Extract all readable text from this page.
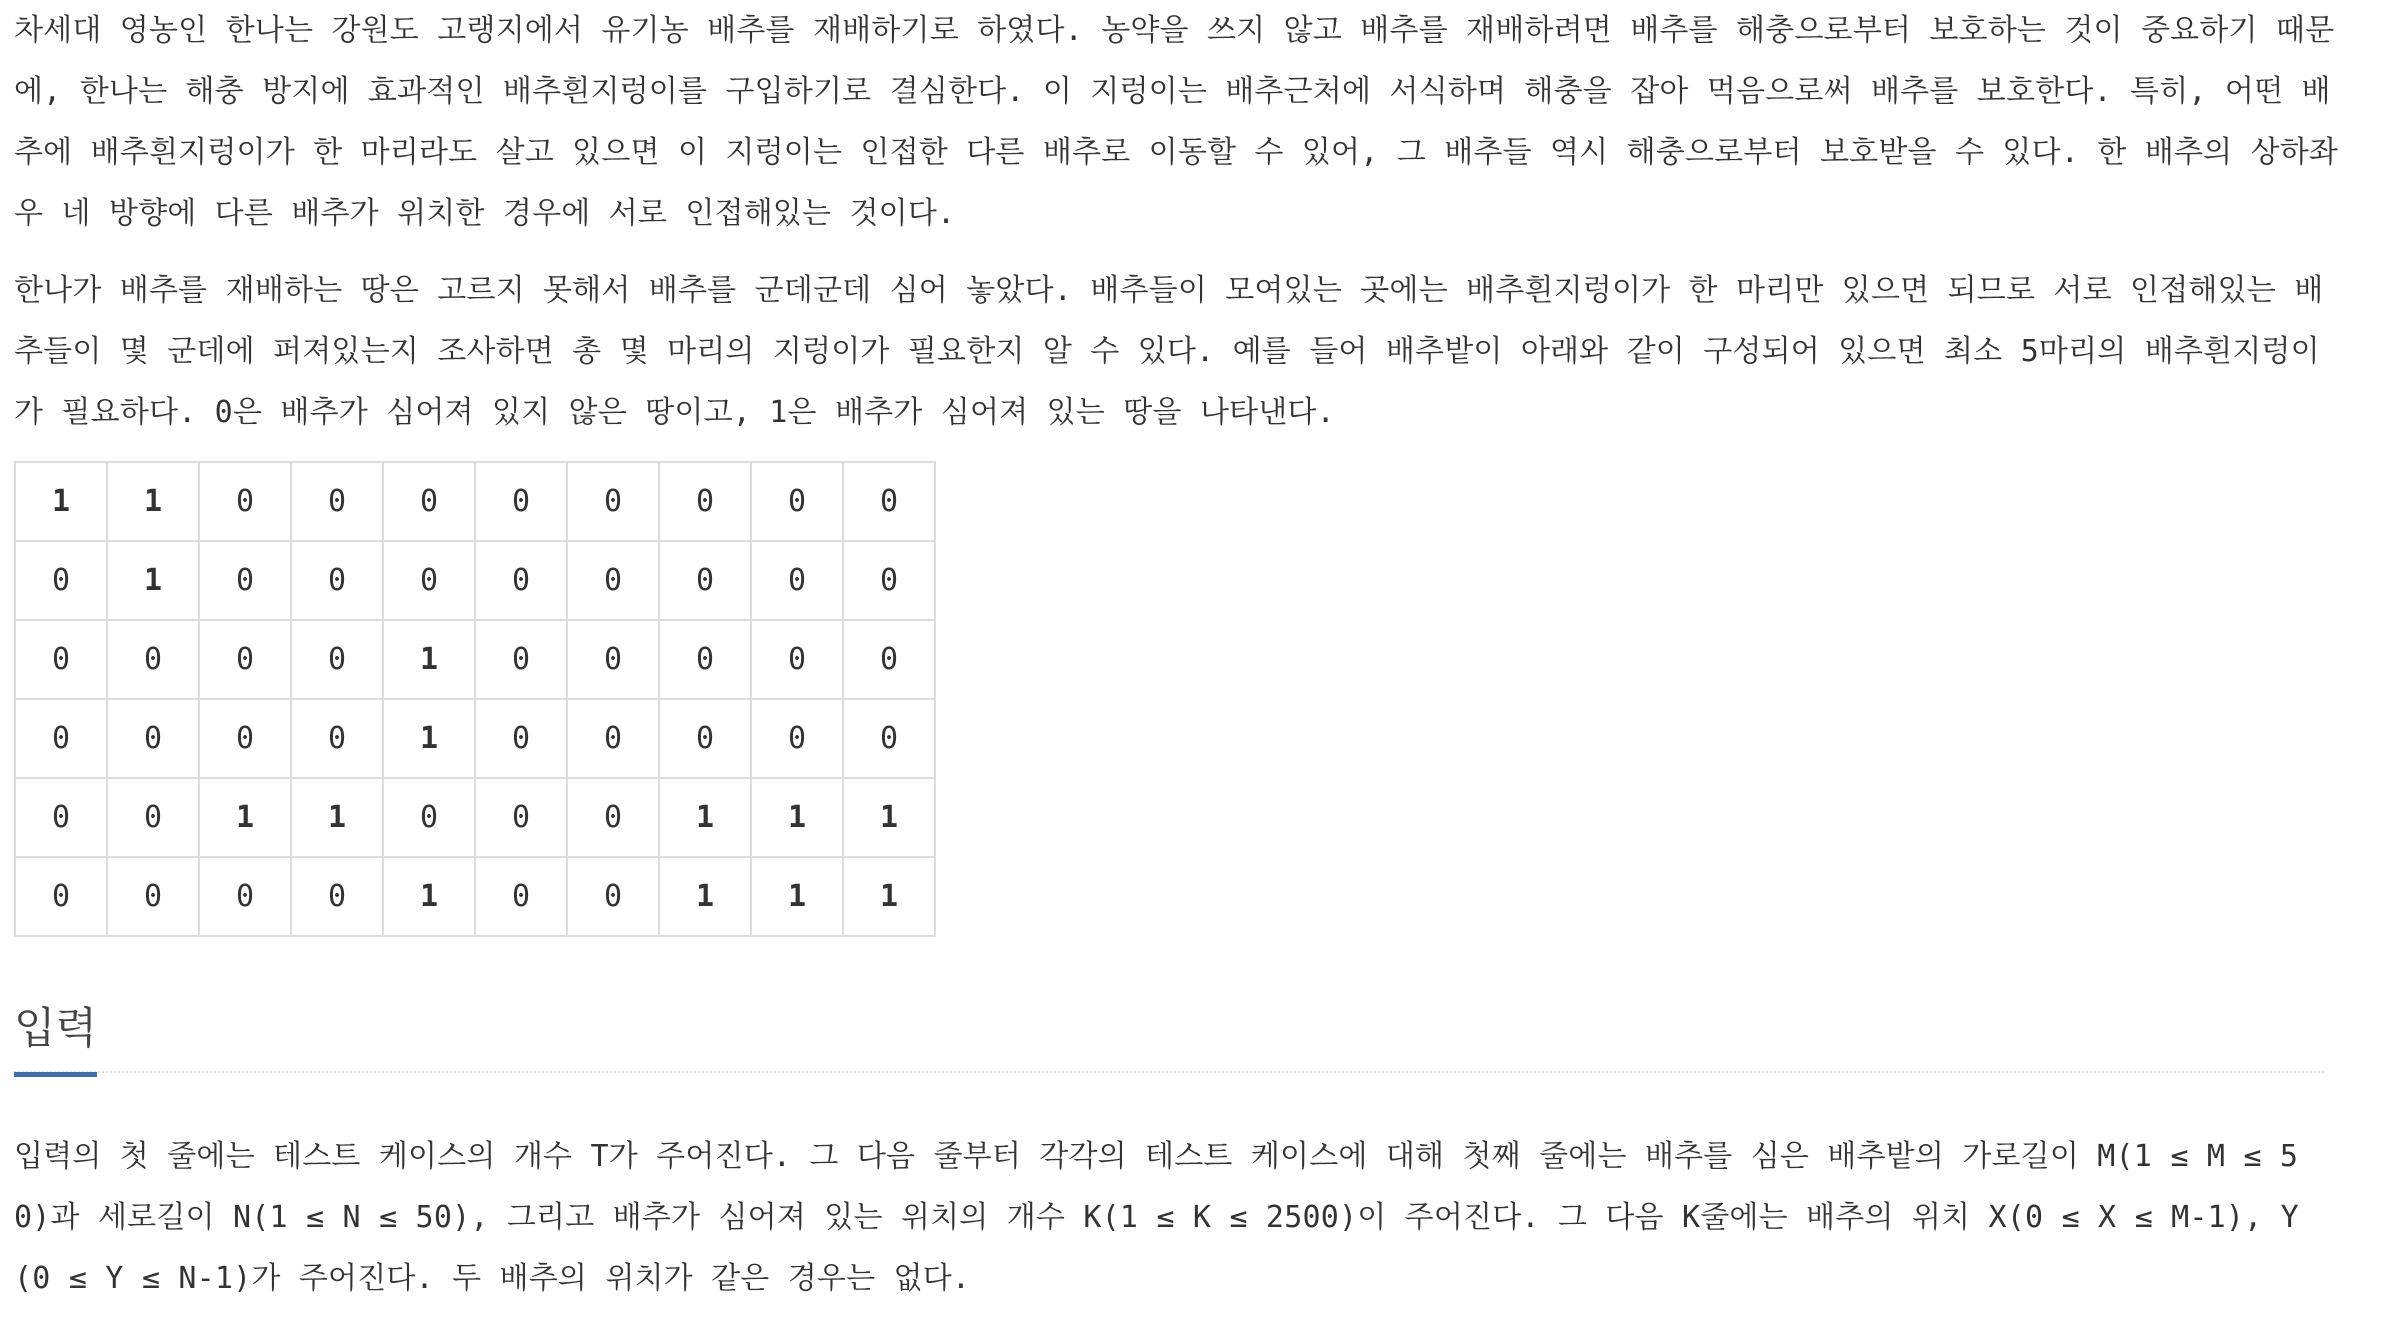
차세대 영농인 한나는 강원도 고랭지에서 유기농 배추를 재배하기로 하였다. 농약을 쓰지 않고 배추를 재배하려면 배추를 해충으로부터 보호하는 것이 중요하기 때문에, 한나는 해충 방지에 효과적인 배추흰지렁이를 구입하기로 결심한다. 이 지렁이는 배추근처에 서식하며 해충을 잡아 먹음으로써 배추를 보호한다. 특히, 어떤 배추에 배추흰지렁이가 한 마리라도 살고 있으면 이 지렁이는 인접한 다른 배추로 이동할 수 있어, 그 배추들 역시 해충으로부터 보호받을 수 있다. 한 배추의 상하좌우 네 방향에 다른 배추가 위치한 경우에 서로 인접해있는 것이다.

한나가 배추를 재배하는 땅은 고르지 못해서 배추를 군데군데 심어 놓았다. 배추들이 모여있는 곳에는 배추흰지렁이가 한 마리만 있으면 되므로 서로 인접해있는 배추들이 몇 군데에 퍼져있는지 조사하면 총 몇 마리의 지렁이가 필요한지 알 수 있다. 예를 들어 배추밭이 아래와 같이 구성되어 있으면 최소 5마리의 배추흰지렁이가 필요하다. 0은 배추가 심어져 있지 않은 땅이고, 1은 배추가 심어져 있는 땅을 나타낸다.

1	1	0	0	0	0	0	0	0	0
0	1	0	0	0	0	0	0	0	0
0	0	0	0	1	0	0	0	0	0
0	0	0	0	1	0	0	0	0	0
0	0	1	1	0	0	0	1	1	1
0	0	0	0	1	0	0	1	1	1
입력

입력의 첫 줄에는 테스트 케이스의 개수 T가 주어진다. 그 다음 줄부터 각각의 테스트 케이스에 대해 첫째 줄에는 배추를 심은 배추밭의 가로길이 M(1 ≤ M ≤ 50)과 세로길이 N(1 ≤ N ≤ 50), 그리고 배추가 심어져 있는 위치의 개수 K(1 ≤ K ≤ 2500)이 주어진다. 그 다음 K줄에는 배추의 위치 X(0 ≤ X ≤ M-1), Y(0 ≤ Y ≤ N-1)가 주어진다. 두 배추의 위치가 같은 경우는 없다.
